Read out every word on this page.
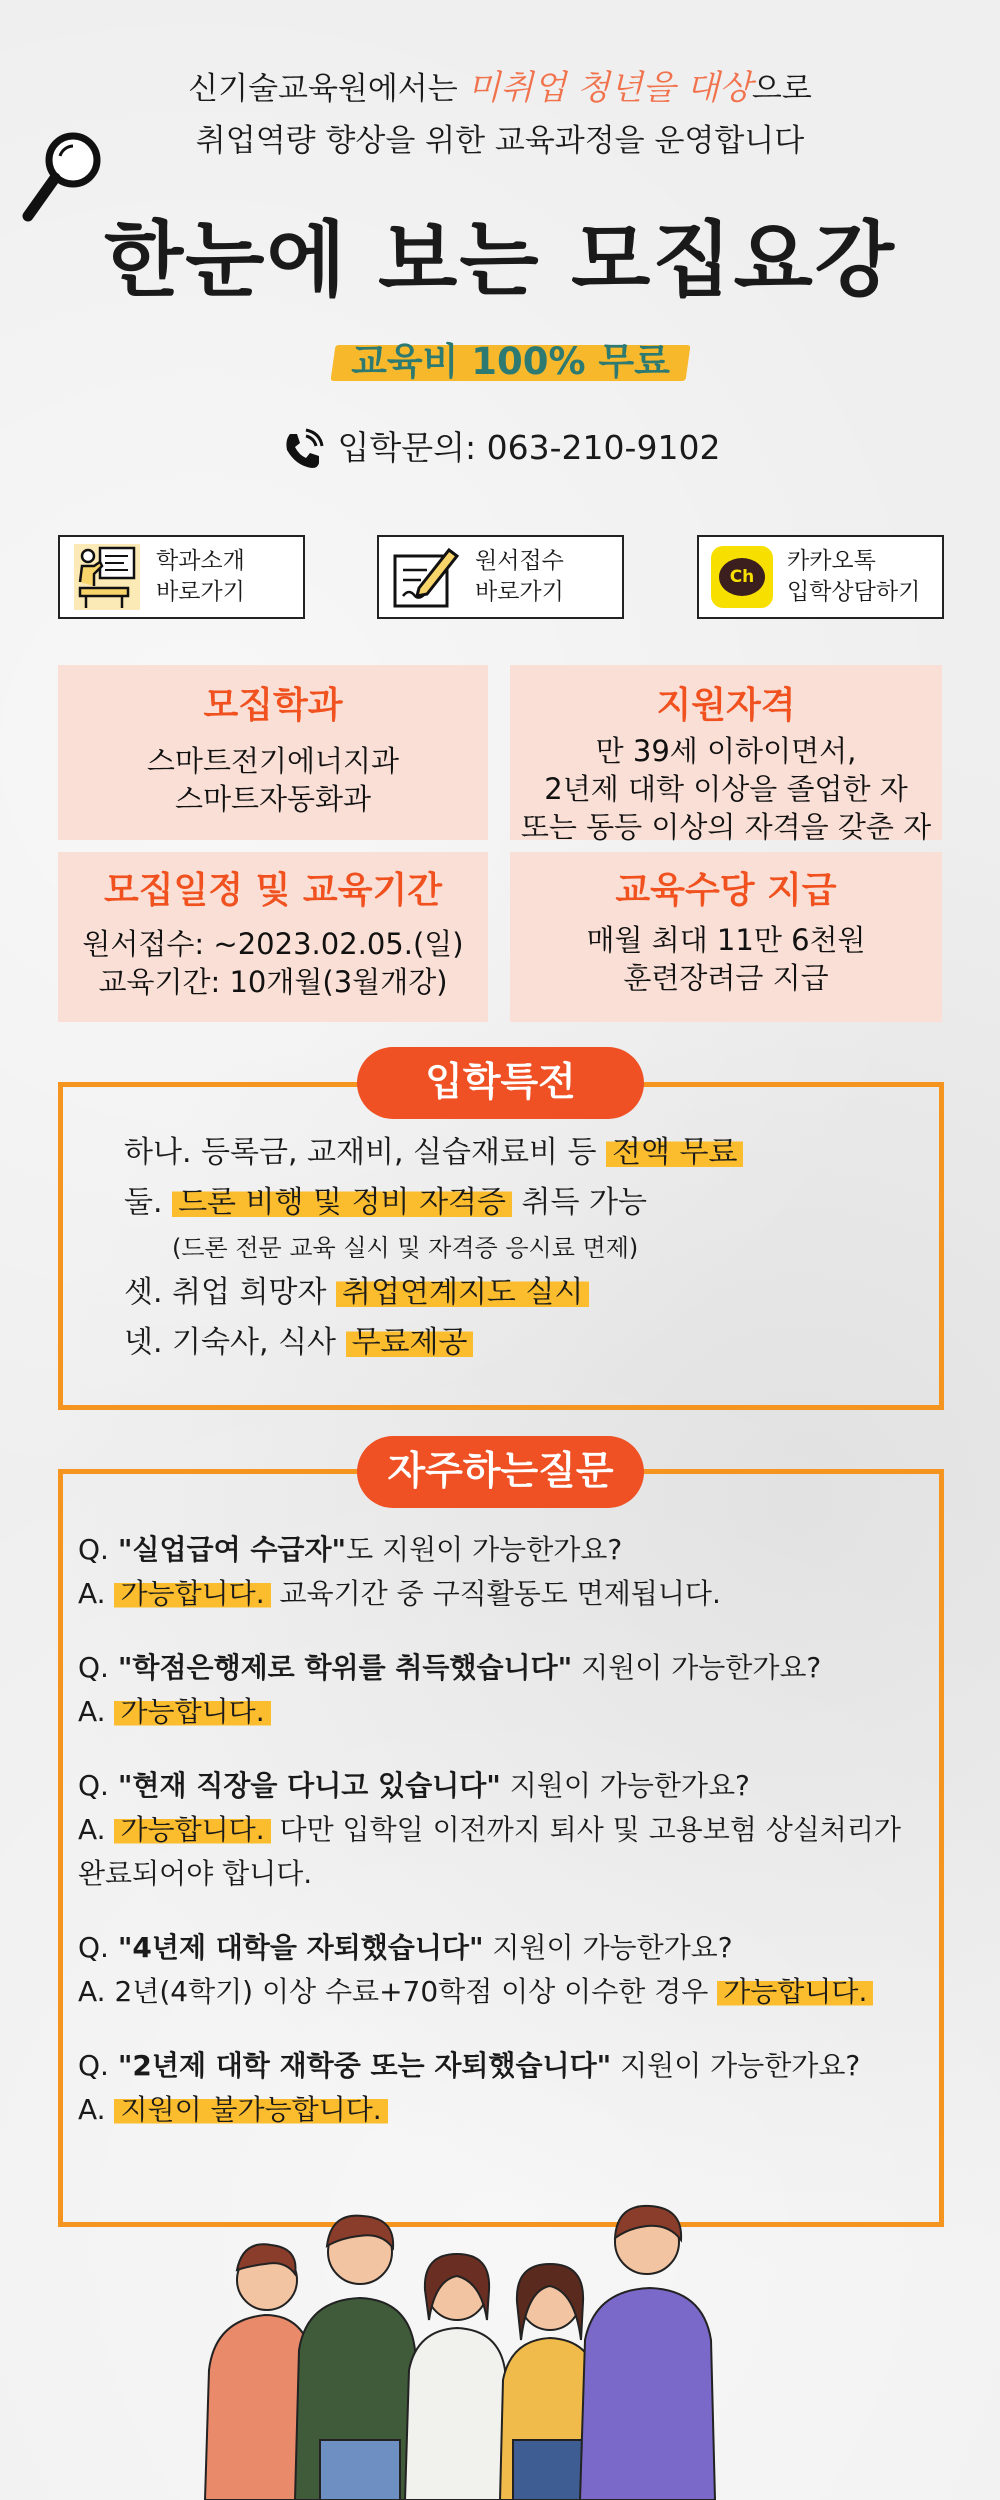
신기술교육원에서는 미취업 청년을 대상으로
취업역량 향상을 위한 교육과정을 운영합니다
한눈에 보는 모집요강
교육비 100% 무료
입학문의: 063-210-9102
학과소개
바로가기
원서접수
바로가기
Ch
카카오톡
입학상담하기
모집학과
스마트전기에너지과
스마트자동화과
지원자격
만 39세 이하이면서,
2년제 대학 이상을 졸업한 자
또는 동등 이상의 자격을 갖춘 자
모집일정 및 교육기간
원서접수: ~2023.02.05.(일)
교육기간: 10개월(3월개강)
교육수당 지급
매월 최대 11만 6천원
훈련장려금 지급
입학특전
하나. 등록금, 교재비, 실습재료비 등 전액 무료
둘. 드론 비행 및 정비 자격증 취득 가능
(드론 전문 교육 실시 및 자격증 응시료 면제)
셋. 취업 희망자 취업연계지도 실시
넷. 기숙사, 식사 무료제공
자주하는질문
Q. "실업급여 수급자"도 지원이 가능한가요?
A. 가능합니다. 교육기간 중 구직활동도 면제됩니다.
Q. "학점은행제로 학위를 취득했습니다" 지원이 가능한가요?
A. 가능합니다.
Q. "현재 직장을 다니고 있습니다" 지원이 가능한가요?
A. 가능합니다. 다만 입학일 이전까지 퇴사 및 고용보험 상실처리가
완료되어야 합니다.
Q. "4년제 대학을 자퇴했습니다" 지원이 가능한가요?
A. 2년(4학기) 이상 수료+70학점 이상 이수한 경우 가능합니다.
Q. "2년제 대학 재학중 또는 자퇴했습니다" 지원이 가능한가요?
A. 지원이 불가능합니다.
